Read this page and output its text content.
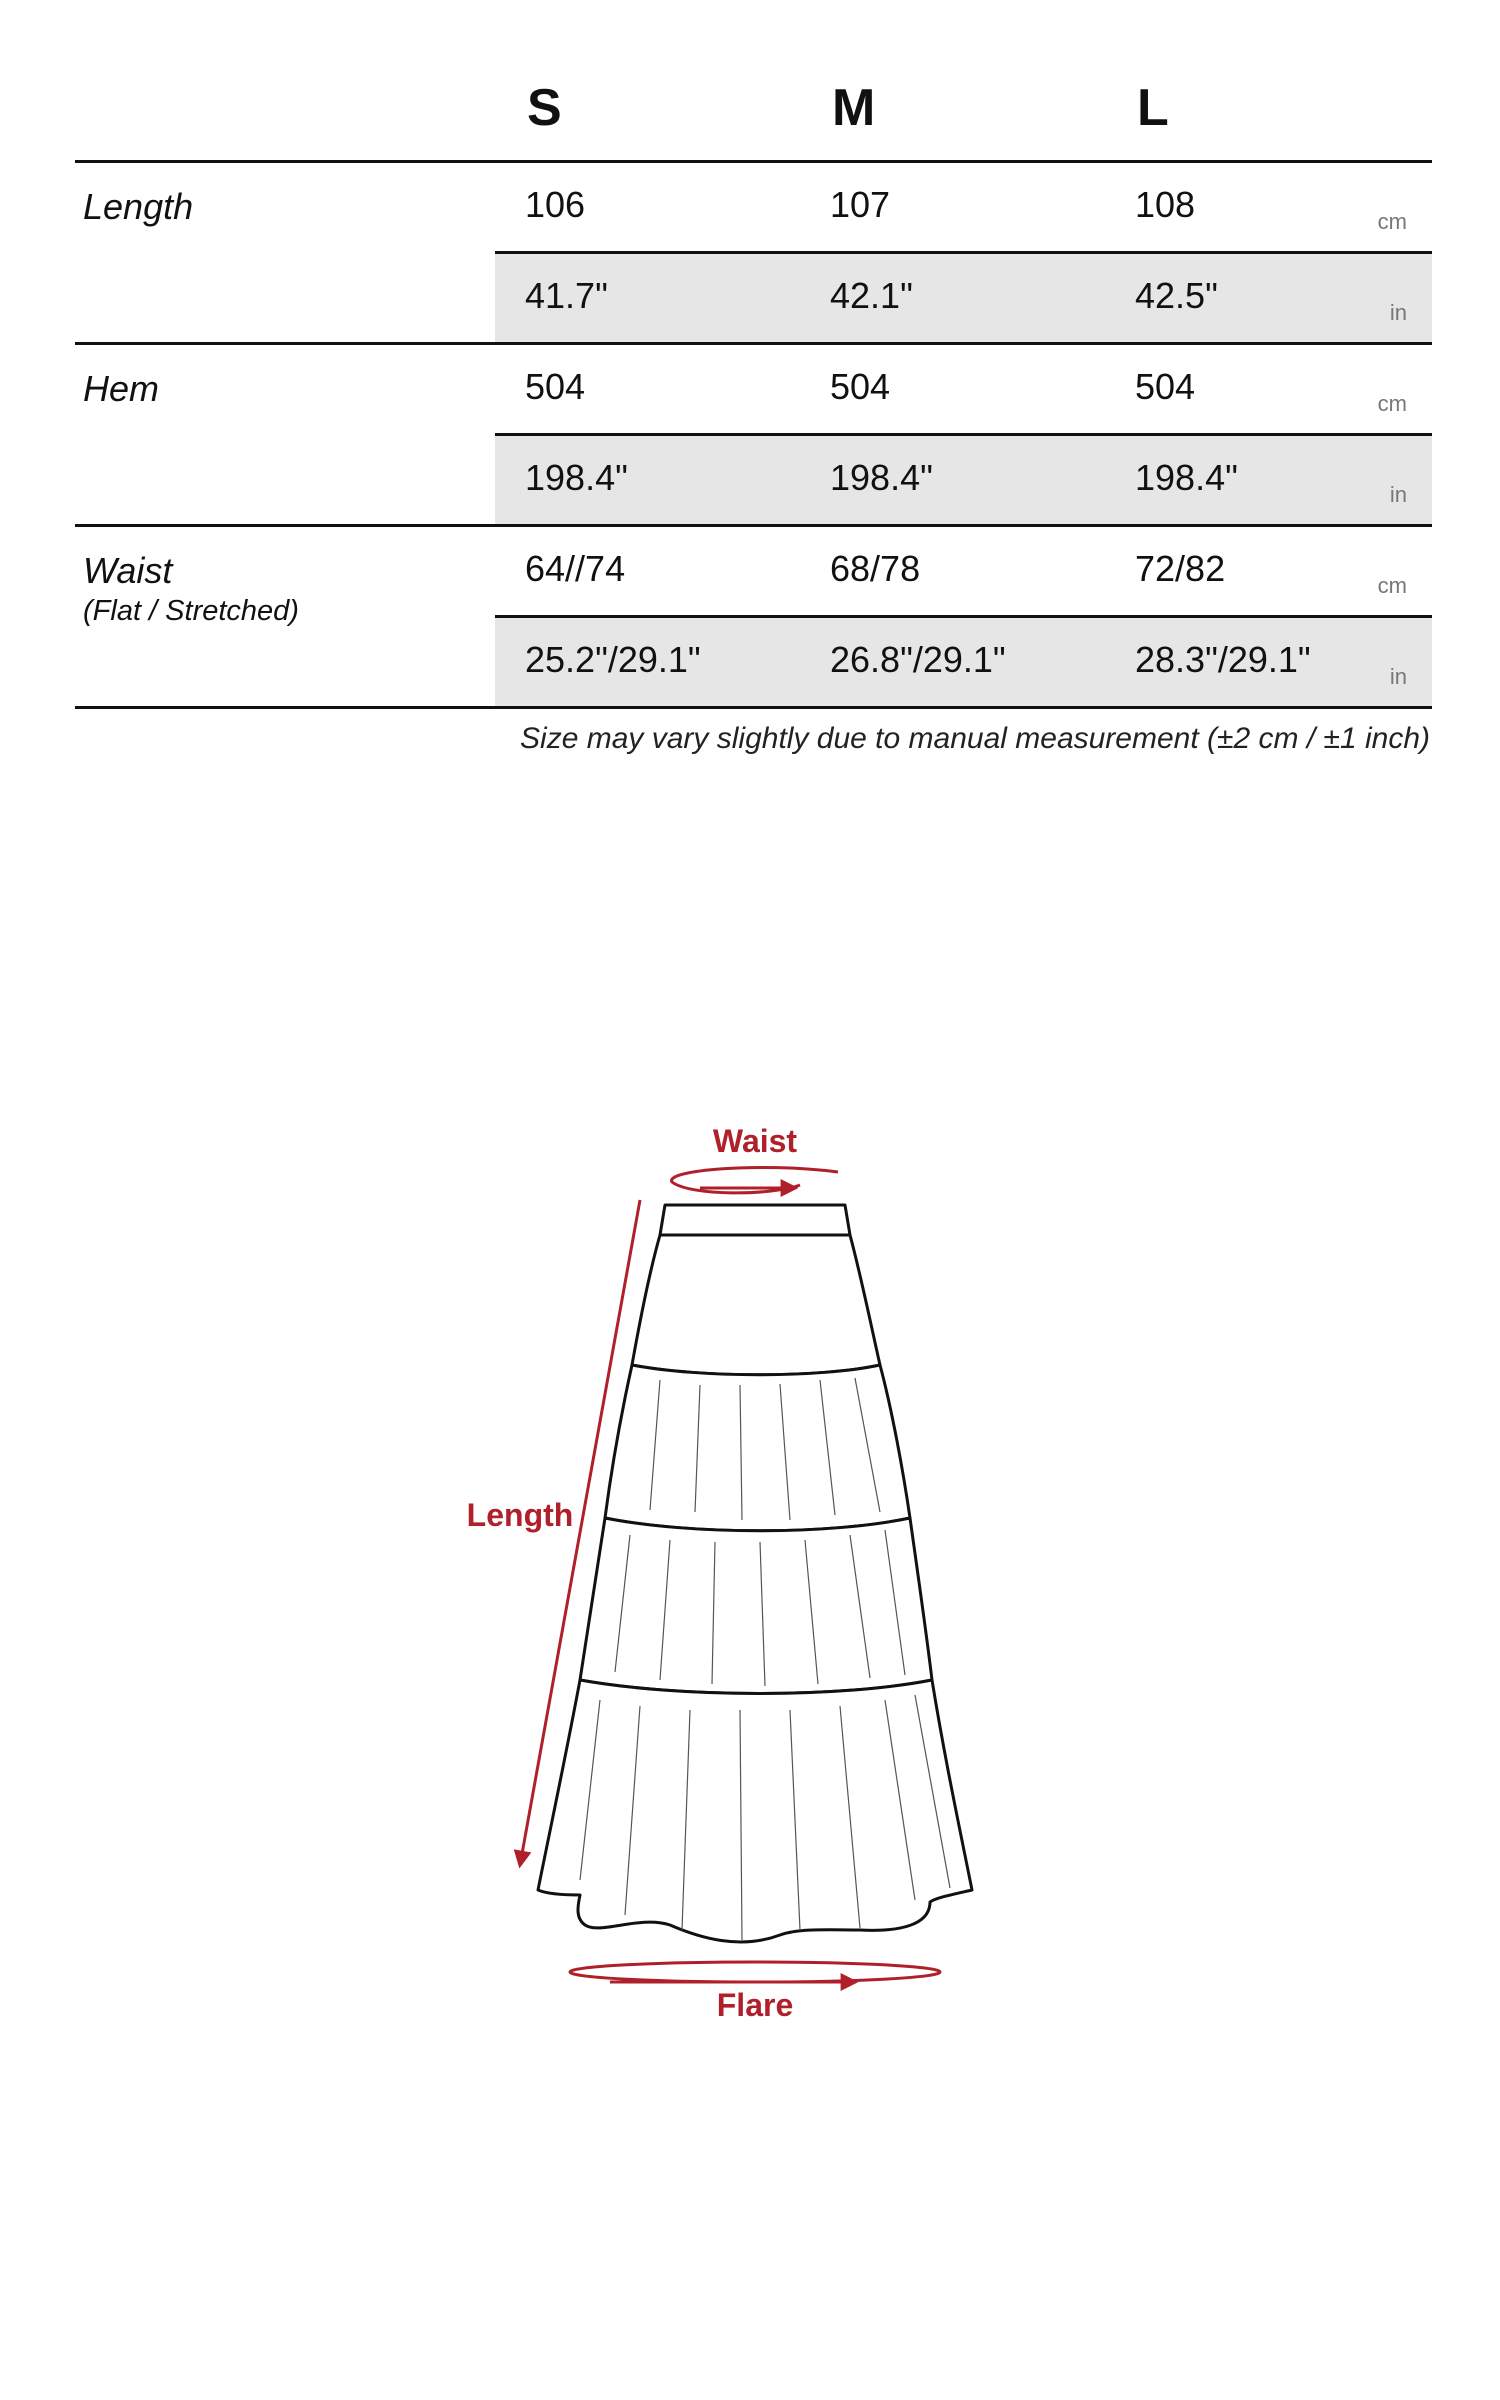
S	M	L
Length	106	107	108	cm
41.7"	42.1"	42.5"	in
Hem	504	504	504	cm
198.4"	198.4"	198.4"	in
Waist
(Flat / Stretched)
64//74	68/78	72/82	cm
25.2"/29.1"	26.8"/29.1"	28.3"/29.1"	in
Size may vary slightly due to manual measurement (±2 cm / ±1 inch)
Waist
Length
Flare
